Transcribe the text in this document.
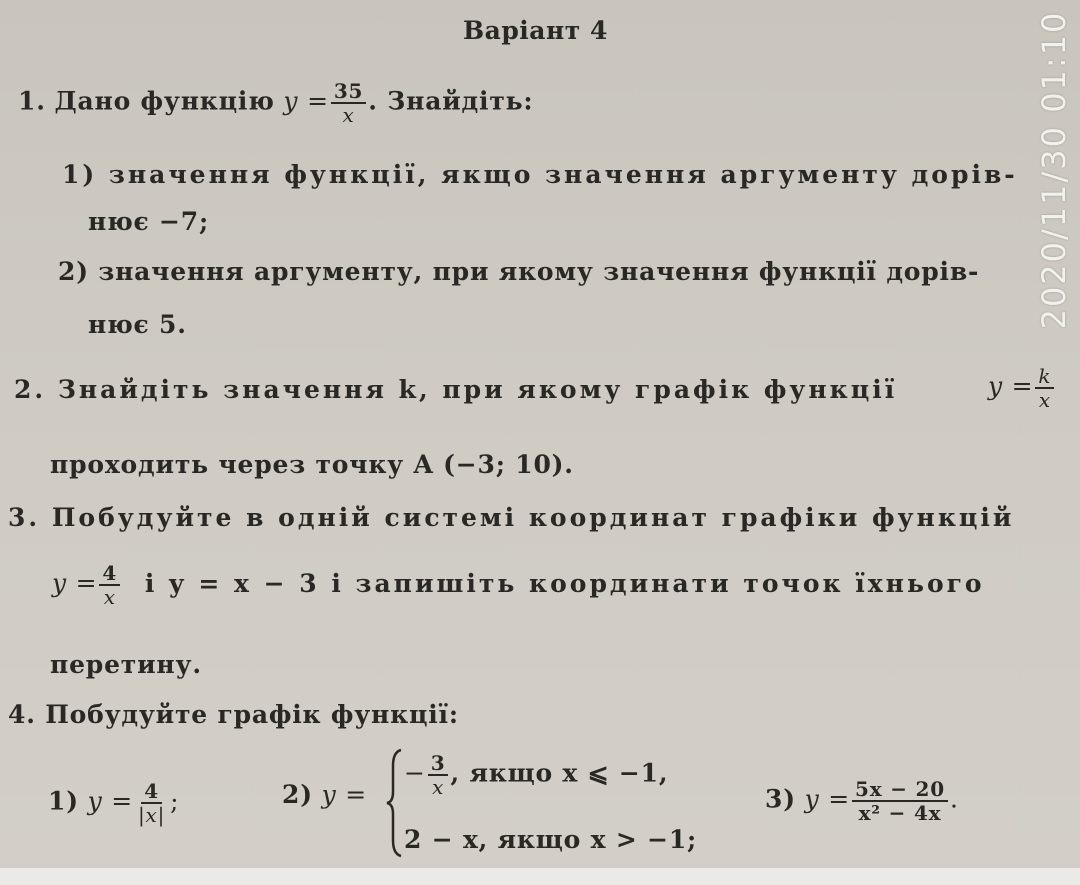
2020/11/30 01:10
Варіант 4
1. Дано функцію $y = \frac{35}{x}$ . Знайдіть:
1) значення функції, якщо значення аргументу дорів-
нює −7;
2) значення аргументу, при якому значення функції дорів-
нює 5.
2. Знайдіть значення k, при якому графік функції	$y = \frac{k}{x}$
проходить через точку A (−3; 10).
3. Побудуйте в одній системі координат графіки функцій
$y = \frac{4}{x}$ і y = x − 3 і запишіть координати точок їхнього
перетину.
4. Побудуйте графік функції:
1) $y = \frac{4}{|x|}$ ;	2) y =
− $\frac{3}{x}$ , якщо x ⩽ −1,
2 − x, якщо x > −1;
3) $y = \frac{5x - 20}{\text{x² − 4x}}$ .
